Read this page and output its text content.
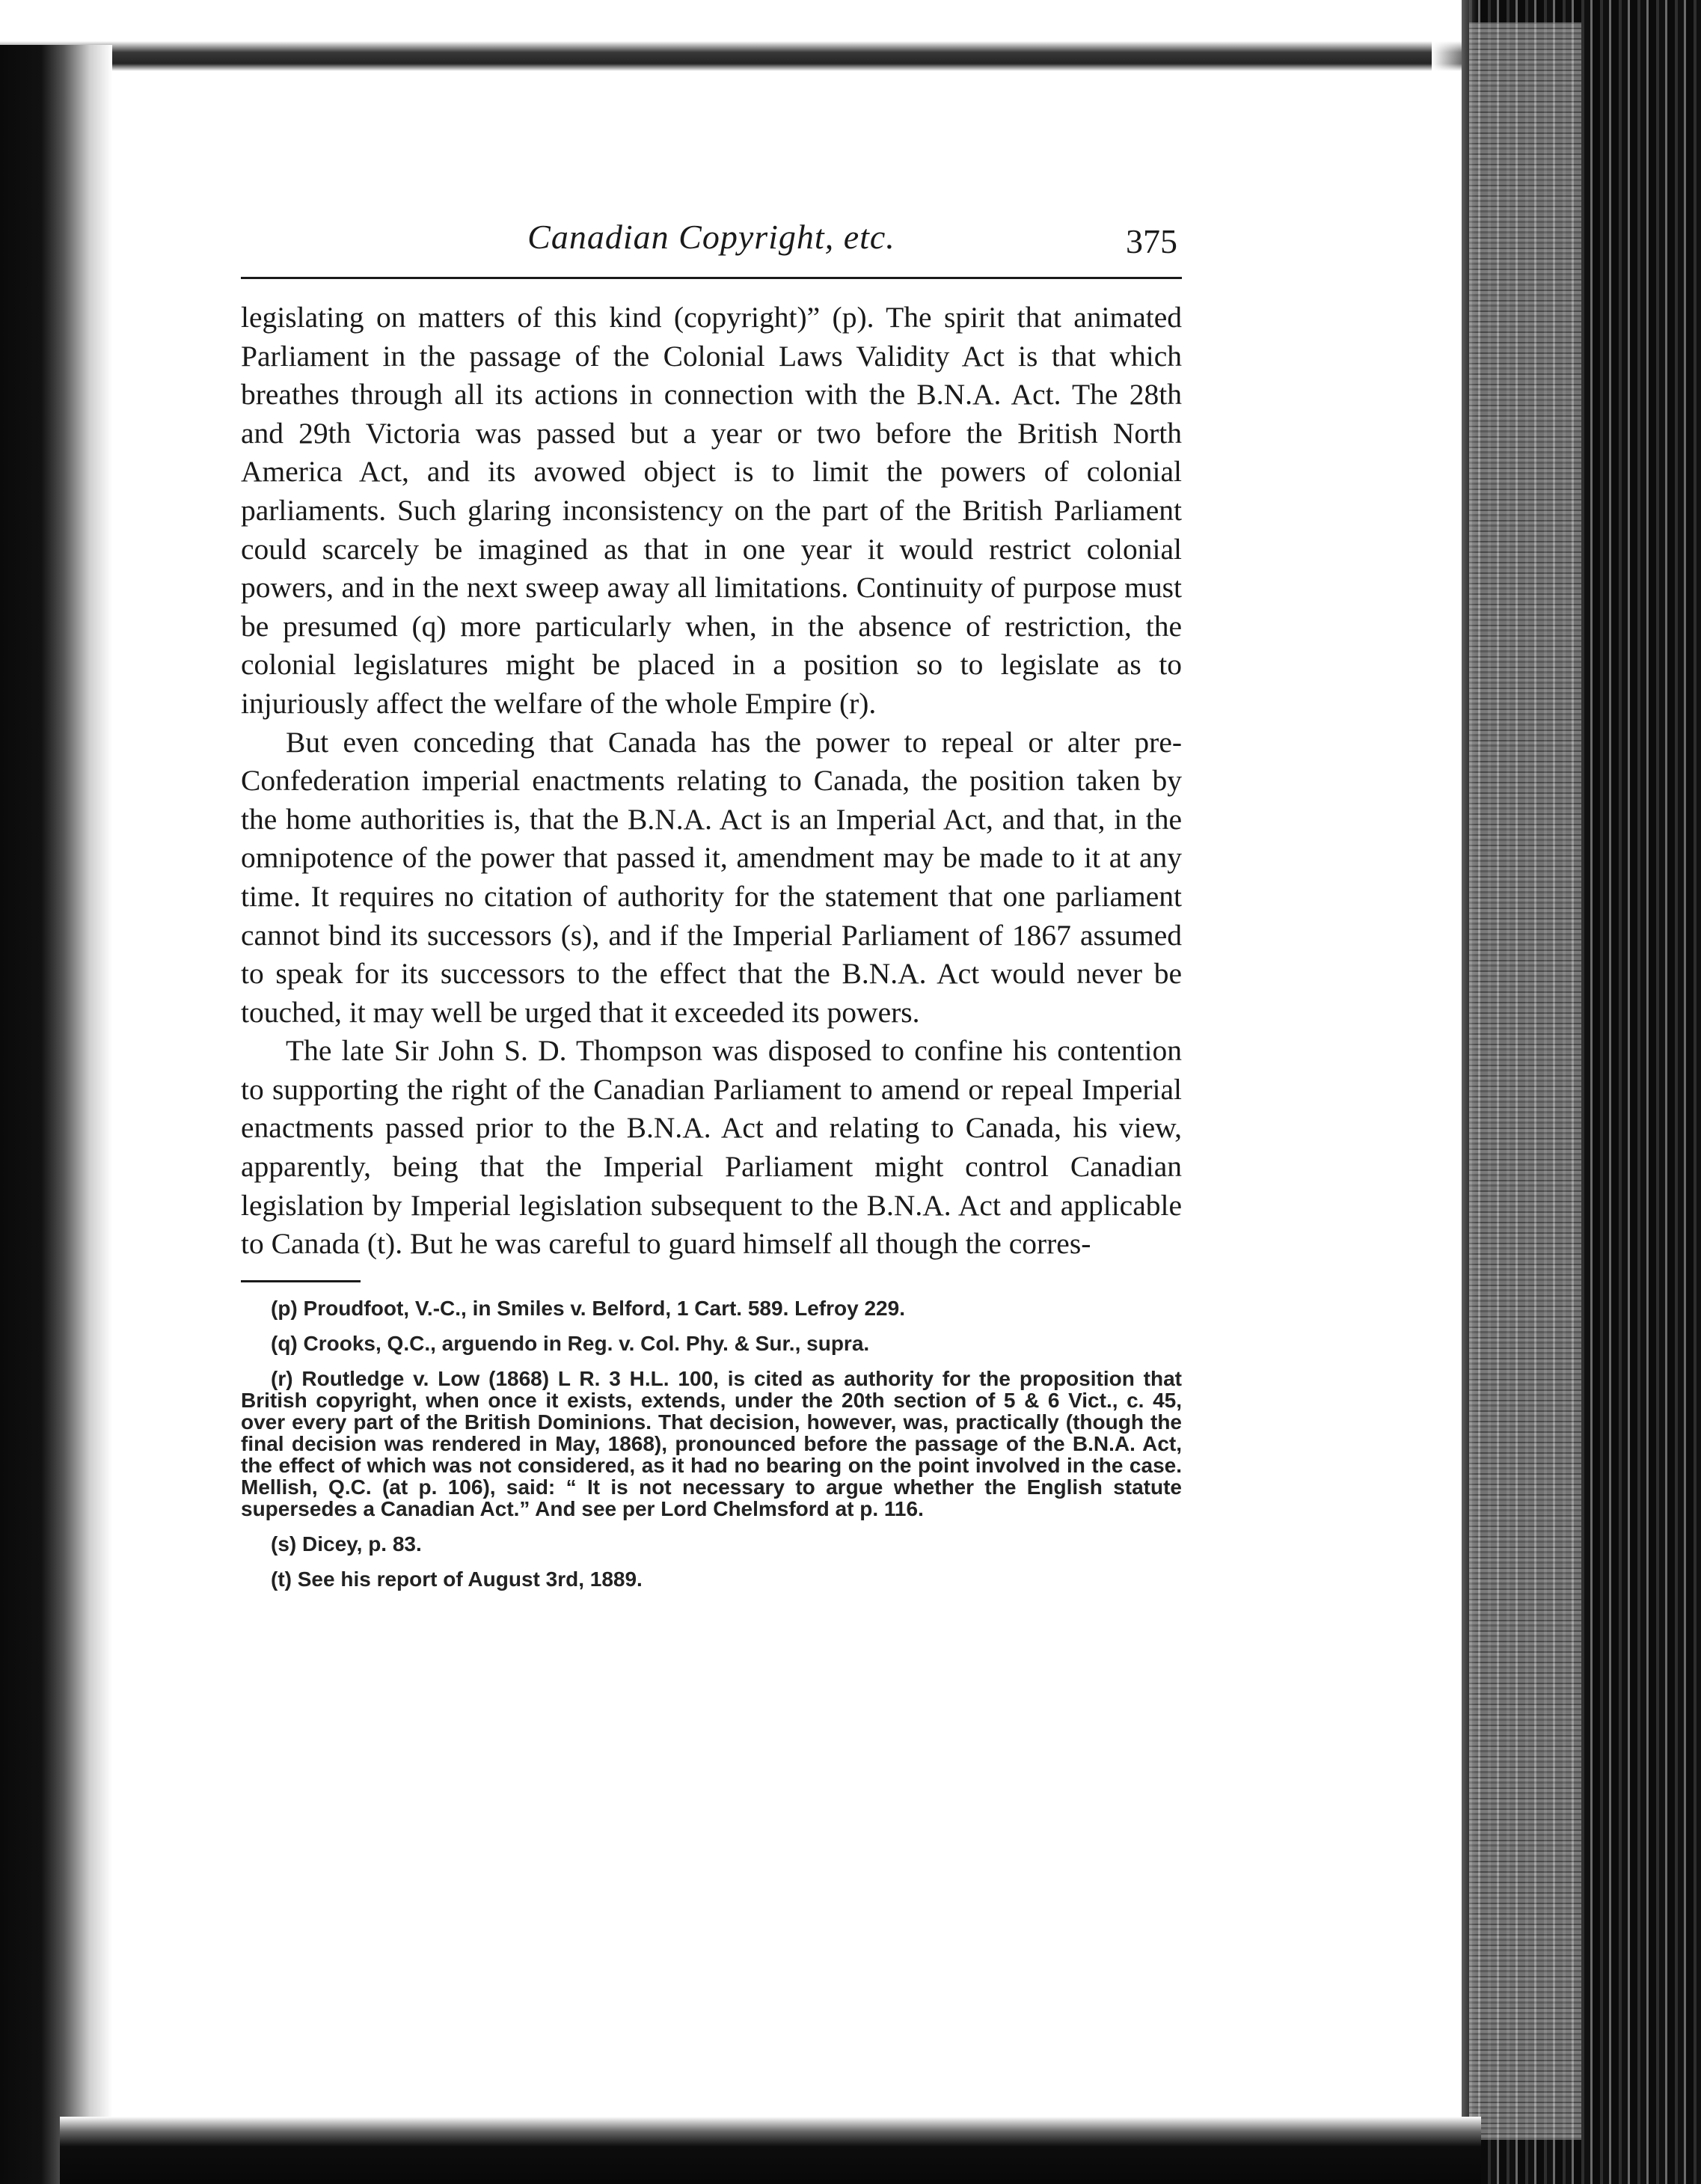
Canadian Copyright, etc.	375

legislating on matters of this kind (copyright)” (p). The spirit that animated Parliament in the passage of the Colonial Laws Validity Act is that which breathes through all its actions in connection with the B.N.A. Act. The 28th and 29th Victoria was passed but a year or two before the British North America Act, and its avowed object is to limit the powers of colonial parliaments. Such glaring inconsistency on the part of the British Parliament could scarcely be imagined as that in one year it would restrict colonial powers, and in the next sweep away all limitations. Continuity of purpose must be presumed (q) more particularly when, in the absence of restriction, the colonial legislatures might be placed in a position so to legislate as to injuriously affect the welfare of the whole Empire (r).

But even conceding that Canada has the power to repeal or alter pre-Confederation imperial enactments relating to Canada, the position taken by the home authorities is, that the B.N.A. Act is an Imperial Act, and that, in the omnipotence of the power that passed it, amendment may be made to it at any time. It requires no citation of authority for the statement that one parliament cannot bind its successors (s), and if the Imperial Parliament of 1867 assumed to speak for its successors to the effect that the B.N.A. Act would never be touched, it may well be urged that it exceeded its powers.

The late Sir John S. D. Thompson was disposed to confine his contention to supporting the right of the Canadian Parliament to amend or repeal Imperial enactments passed prior to the B.N.A. Act and relating to Canada, his view, apparently, being that the Imperial Parliament might control Canadian legislation by Imperial legislation subsequent to the B.N.A. Act and applicable to Canada (t). But he was careful to guard himself all though the corres-

(p) Proudfoot, V.-C., in Smiles v. Belford, 1 Cart. 589. Lefroy 229.

(q) Crooks, Q.C., arguendo in Reg. v. Col. Phy. & Sur., supra.

(r) Routledge v. Low (1868) L R. 3 H.L. 100, is cited as authority for the proposition that British copyright, when once it exists, extends, under the 20th section of 5 & 6 Vict., c. 45, over every part of the British Dominions. That decision, however, was, practically (though the final decision was rendered in May, 1868), pronounced before the passage of the B.N.A. Act, the effect of which was not considered, as it had no bearing on the point involved in the case. Mellish, Q.C. (at p. 106), said: “ It is not necessary to argue whether the English statute supersedes a Canadian Act.” And see per Lord Chelmsford at p. 116.

(s) Dicey, p. 83.

(t) See his report of August 3rd, 1889.
